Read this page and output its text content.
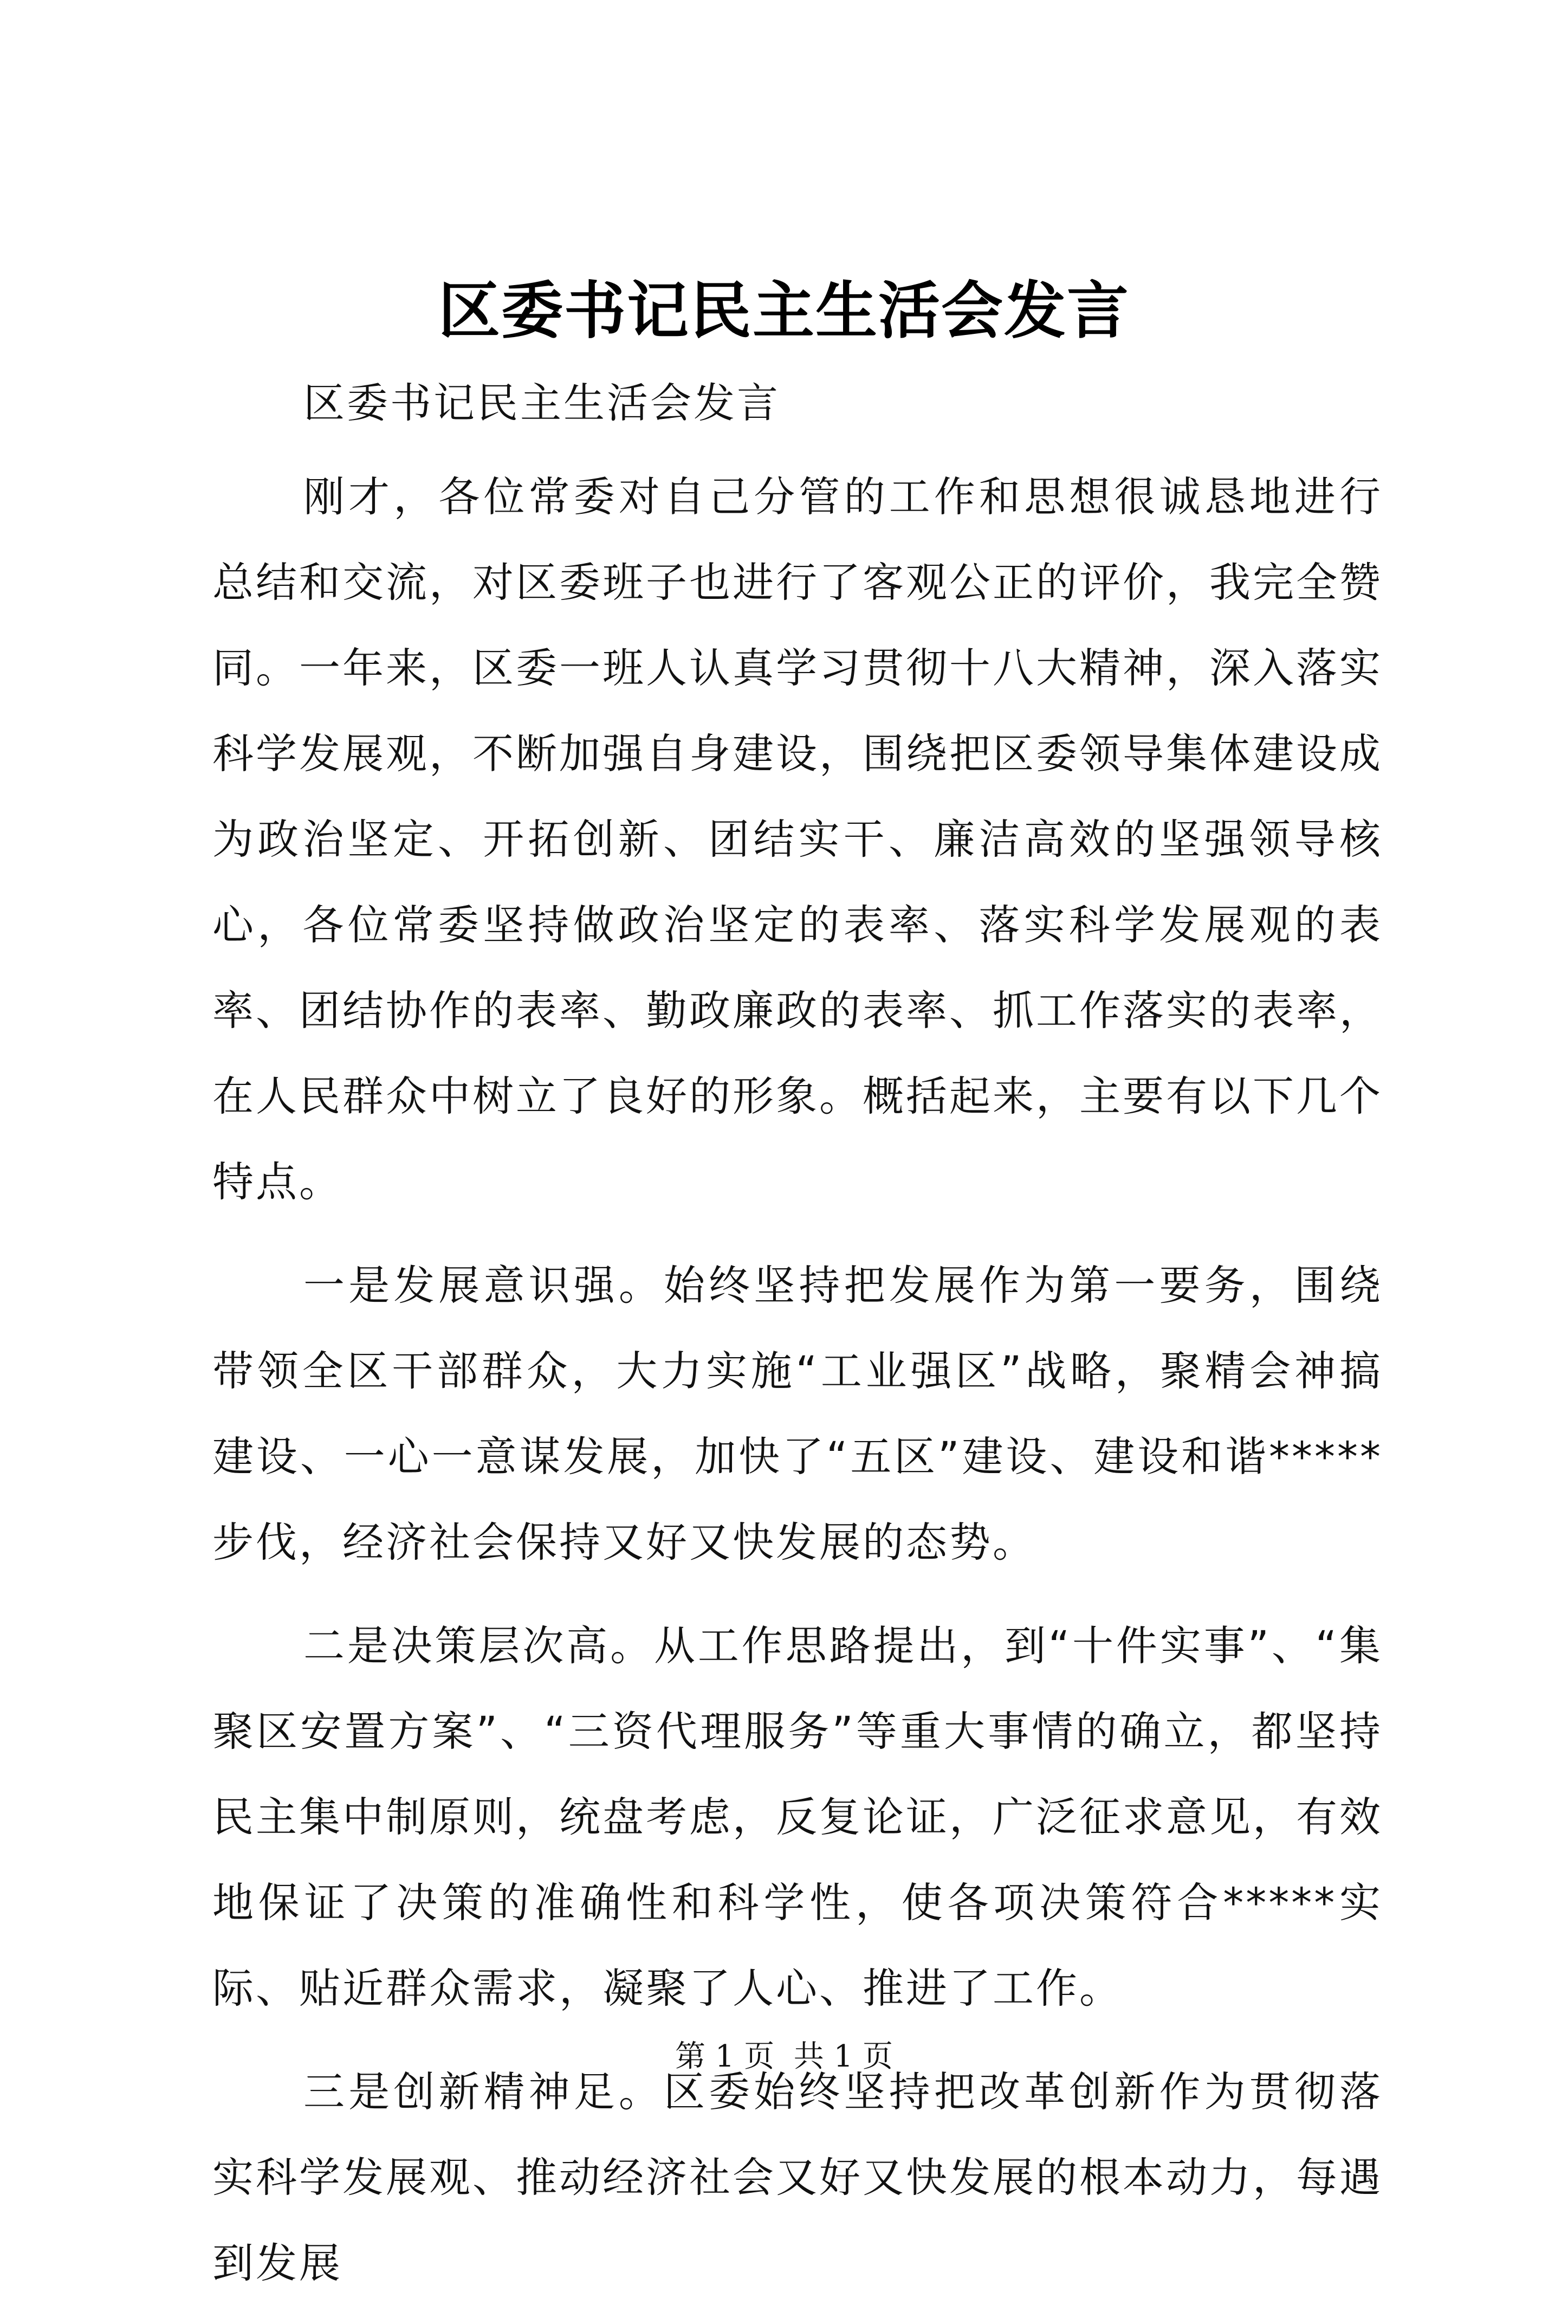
区委书记民主生活会发言

区委书记民主生活会发言

刚才，各位常委对自己分管的工作和思想很诚恳地进行总结和交流，对区委班子也进行了客观公正的评价，我完全赞同。一年来，区委一班人认真学习贯彻十八大精神，深入落实科学发展观，不断加强自身建设，围绕把区委领导集体建设成为政治坚定、开拓创新、团结实干、廉洁高效的坚强领导核心，各位常委坚持做政治坚定的表率、落实科学发展观的表率、团结协作的表率、勤政廉政的表率、抓工作落实的表率，在人民群众中树立了良好的形象。概括起来，主要有以下几个特点。

一是发展意识强。始终坚持把发展作为第一要务，围绕带领全区干部群众，大力实施“工业强区”战略，聚精会神搞建设、一心一意谋发展，加快了“五区”建设、建设和谐*****步伐，经济社会保持又好又快发展的态势。

二是决策层次高。从工作思路提出，到“十件实事”、“集聚区安置方案”、“三资代理服务”等重大事情的确立，都坚持民主集中制原则，统盘考虑，反复论证，广泛征求意见，有效地保证了决策的准确性和科学性，使各项决策符合*****实际、贴近群众需求，凝聚了人心、推进了工作。

三是创新精神足。区委始终坚持把改革创新作为贯彻落实科学发展观、推动经济社会又好又快发展的根本动力，每遇到发展

第 1 页  共 1 页
